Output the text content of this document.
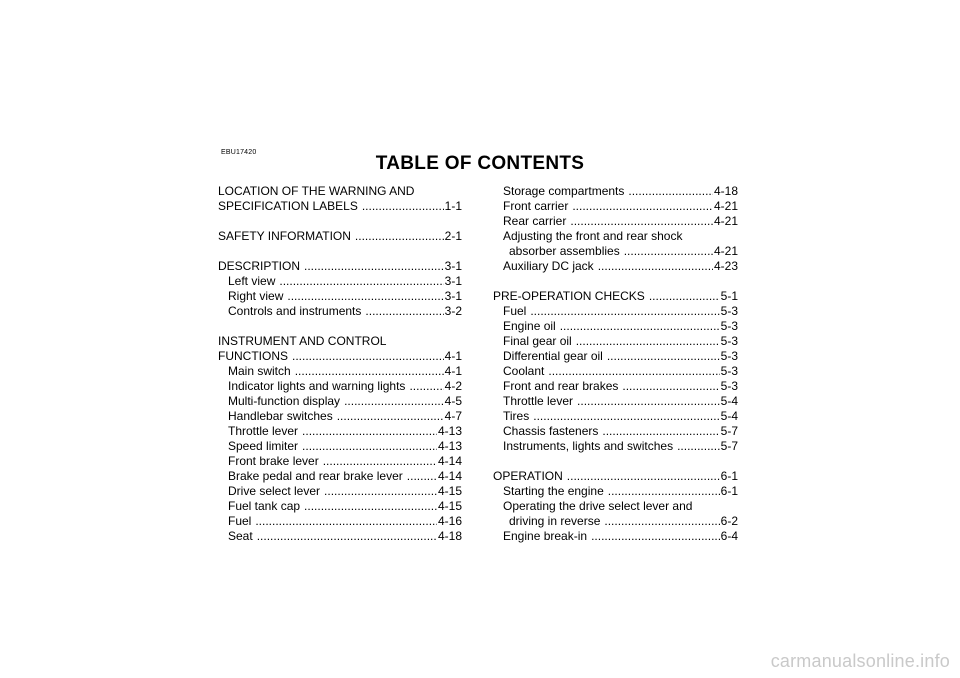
EBU17420
TABLE OF CONTENTS
LOCATION OF THE WARNING AND
SPECIFICATION LABELS .....	1-1
SAFETY INFORMATION .....	2-1
DESCRIPTION .....	3-1
Left view .....	3-1
Right view .....	3-1
Controls and instruments .....	3-2
INSTRUMENT AND CONTROL
FUNCTIONS .....	4-1
Main switch .....	4-1
Indicator lights and warning lights .....	4-2
Multi-function display .....	4-5
Handlebar switches .....	4-7
Throttle lever .....	4-13
Speed limiter .....	4-13
Front brake lever .....	4-14
Brake pedal and rear brake lever .....	4-14
Drive select lever .....	4-15
Fuel tank cap .....	4-15
Fuel .....	4-16
Seat .....	4-18
Storage compartments .....	4-18
Front carrier .....	4-21
Rear carrier .....	4-21
Adjusting the front and rear shock
absorber assemblies .....	4-21
Auxiliary DC jack .....	4-23
PRE-OPERATION CHECKS .....	5-1
Fuel .....	5-3
Engine oil .....	5-3
Final gear oil .....	5-3
Differential gear oil .....	5-3
Coolant .....	5-3
Front and rear brakes .....	5-3
Throttle lever .....	5-4
Tires .....	5-4
Chassis fasteners .....	5-7
Instruments, lights and switches .....	5-7
OPERATION .....	6-1
Starting the engine .....	6-1
Operating the drive select lever and
driving in reverse .....	6-2
Engine break-in .....	6-4
carmanualsonline.info
